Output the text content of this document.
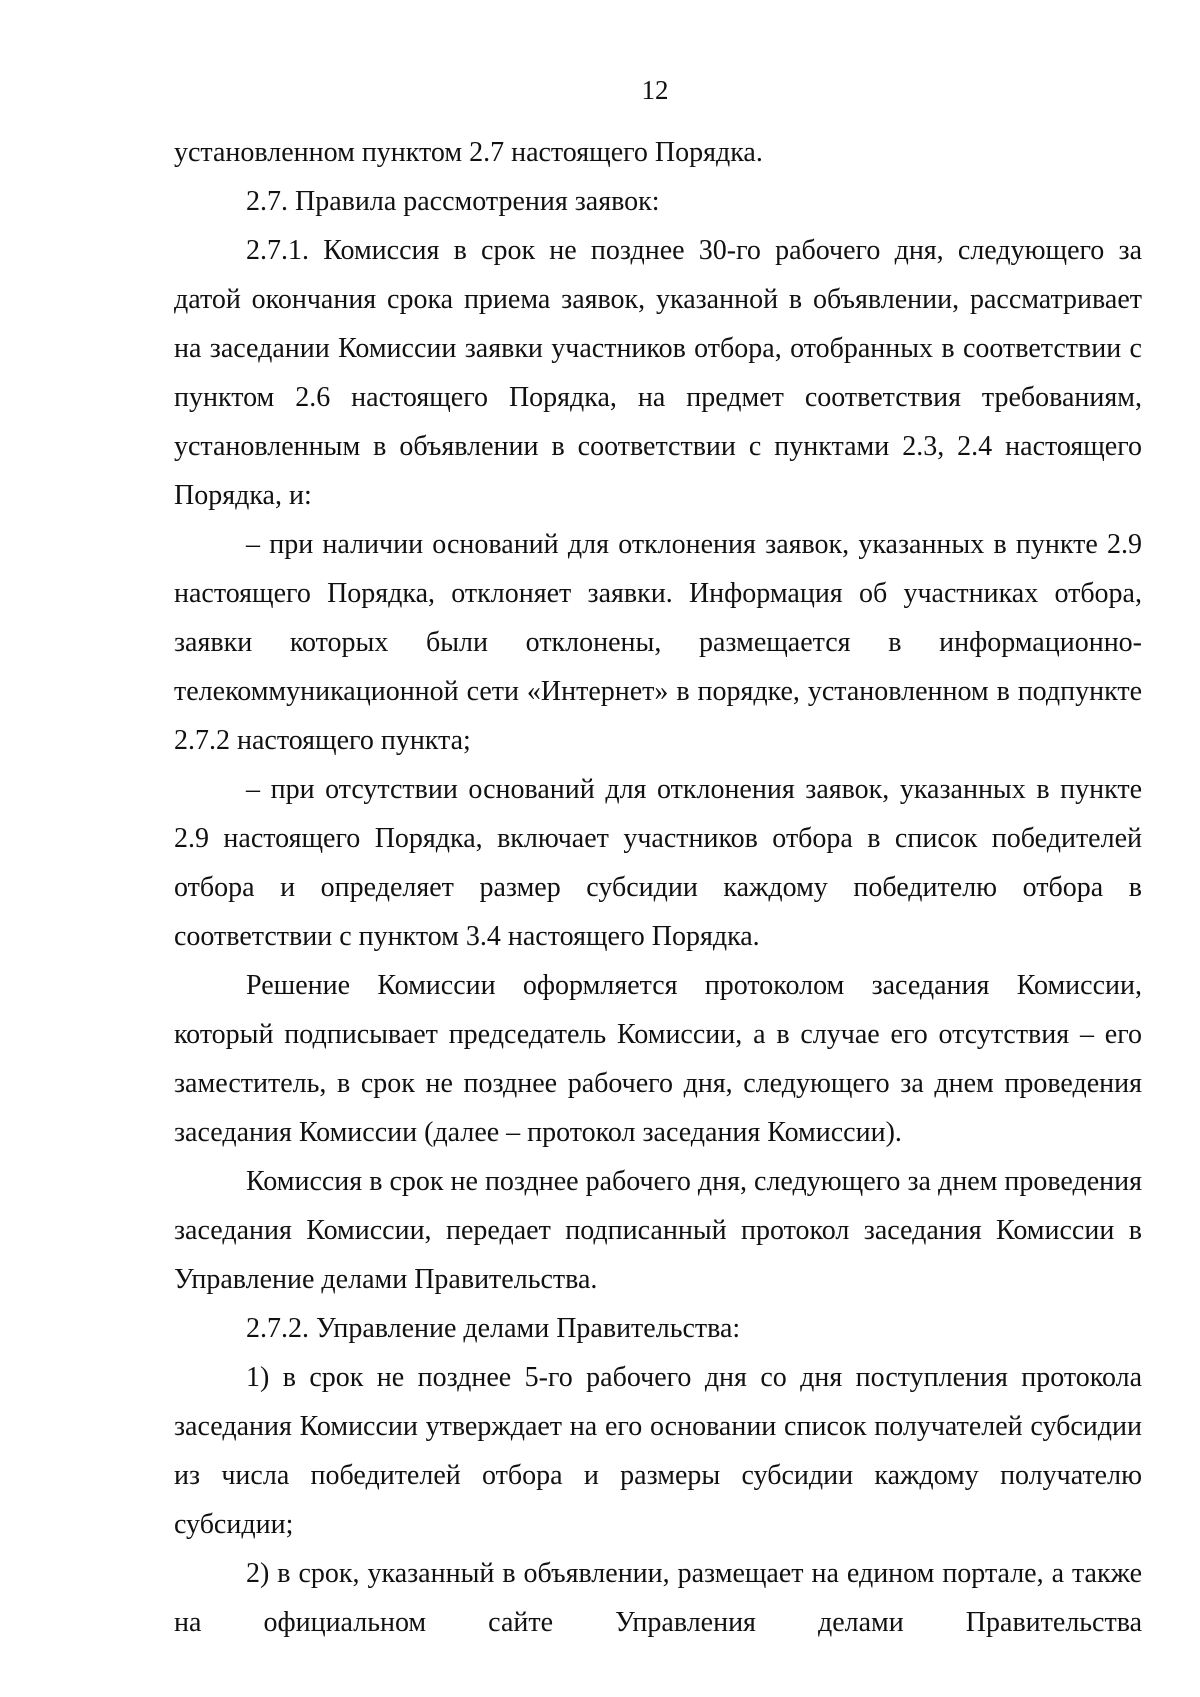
12

установленном пунктом 2.7 настоящего Порядка.

2.7. Правила рассмотрения заявок:

2.7.1. Комиссия в срок не позднее 30-го рабочего дня, следующего за датой окончания срока приема заявок, указанной в объявлении, рассматривает на заседании Комиссии заявки участников отбора, отобранных в соответствии с пунктом 2.6 настоящего Порядка, на предмет соответствия требованиям, установленным в объявлении в соответствии с пунктами 2.3, 2.4 настоящего Порядка, и:

– при наличии оснований для отклонения заявок, указанных в пункте 2.9 настоящего Порядка, отклоняет заявки. Информация об участниках отбора, заявки которых были отклонены, размещается в информационно-телекоммуникационной сети «Интернет» в порядке, установленном в подпункте 2.7.2 настоящего пункта;

– при отсутствии оснований для отклонения заявок, указанных в пункте 2.9 настоящего Порядка, включает участников отбора в список победителей отбора и определяет размер субсидии каждому победителю отбора в соответствии с пунктом 3.4 настоящего Порядка.

Решение Комиссии оформляется протоколом заседания Комиссии, который подписывает председатель Комиссии, а в случае его отсутствия – его заместитель, в срок не позднее рабочего дня, следующего за днем проведения заседания Комиссии (далее – протокол заседания Комиссии).

Комиссия в срок не позднее рабочего дня, следующего за днем проведения заседания Комиссии, передает подписанный протокол заседания Комиссии в Управление делами Правительства.

2.7.2. Управление делами Правительства:

1) в срок не позднее 5-го рабочего дня со дня поступления протокола заседания Комиссии утверждает на его основании список получателей субсидии из числа победителей отбора и размеры субсидии каждому получателю субсидии;

2) в срок, указанный в объявлении, размещает на едином портале, а также на официальном сайте Управления делами Правительства
